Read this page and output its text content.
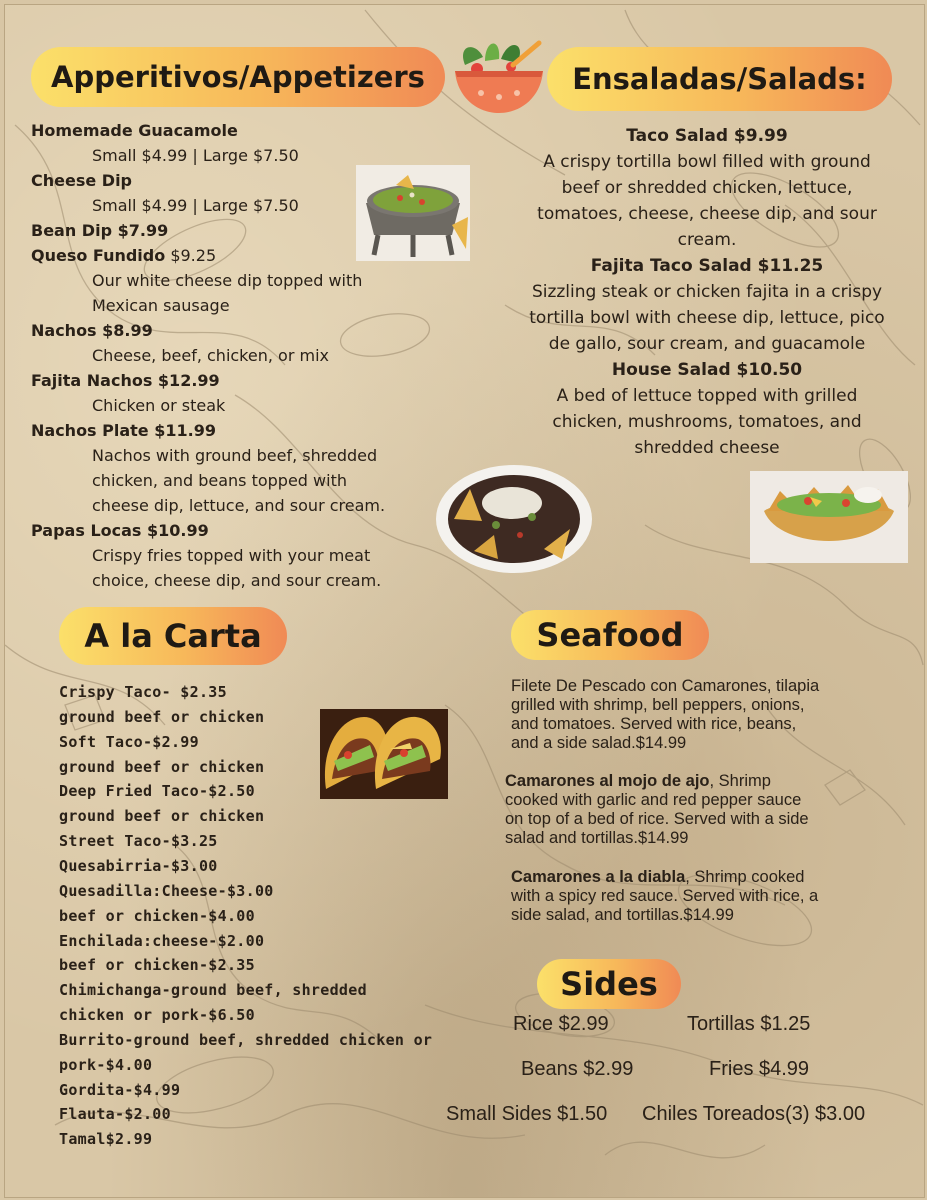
Apperitivos/Appetizers	Ensaladas/Salads:
Homemade Guacamole
Small $4.99 | Large $7.50
Cheese Dip
Small $4.99 | Large $7.50
Bean Dip $7.99
Queso Fundido $9.25
Our white cheese dip topped with
Mexican sausage
Nachos $8.99
Cheese, beef, chicken, or mix
Fajita Nachos $12.99
Chicken or steak
Nachos Plate $11.99
Nachos with ground beef, shredded
chicken, and beans topped with
cheese dip, lettuce, and sour cream.
Papas Locas $10.99
Crispy fries topped with your meat
choice, cheese dip, and sour cream.
Taco Salad $9.99
A crispy tortilla bowl filled with ground
beef or shredded chicken, lettuce,
tomatoes, cheese, cheese dip, and sour
cream.
Fajita Taco Salad $11.25
Sizzling steak or chicken fajita in a crispy
tortilla bowl with cheese dip, lettuce, pico
de gallo, sour cream, and guacamole
House Salad $10.50
A bed of lettuce topped with grilled
chicken, mushrooms, tomatoes, and
shredded cheese
A la Carta	Seafood
Crispy Taco- $2.35
ground beef or chicken
Soft Taco-$2.99
ground beef or chicken
Deep Fried Taco-$2.50
ground beef or chicken
Street Taco-$3.25
Quesabirria-$3.00
Quesadilla:Cheese-$3.00
beef or chicken-$4.00
Enchilada:cheese-$2.00
beef or chicken-$2.35
Chimichanga-ground beef, shredded
chicken or pork-$6.50
Burrito-ground beef, shredded chicken or
pork-$4.00
Gordita-$4.99
Flauta-$2.00
Tamal$2.99
Filete De Pescado con Camarones, tilapia
grilled with shrimp, bell peppers, onions,
and tomatoes. Served with rice, beans,
and a side salad.$14.99
Camarones al mojo de ajo, Shrimp
cooked with garlic and red pepper sauce
on top of a bed of rice. Served with a side
salad and tortillas.$14.99
Camarones a la diabla, Shrimp cooked
with a spicy red sauce. Served with rice, a
side salad, and tortillas.$14.99
Sides
Rice $2.99	Tortillas $1.25
Beans $2.99	Fries $4.99
Small Sides $1.50 Chiles Toreados(3) $3.00
